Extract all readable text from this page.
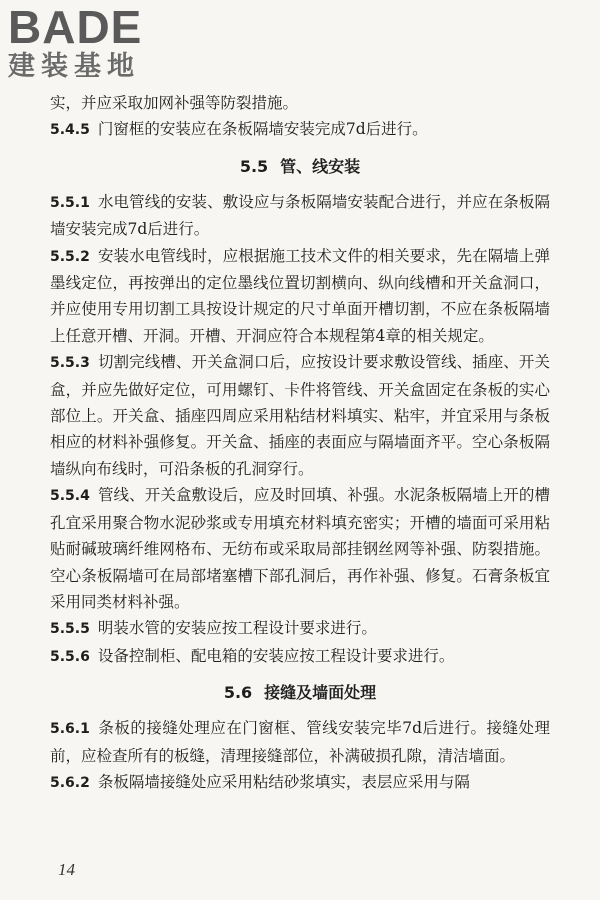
BADE
建装基地

实，并应采取加网补强等防裂措施。

5.4.5 门窗框的安装应在条板隔墙安装完成7d后进行。

5.5 管、线安装

5.5.1 水电管线的安装、敷设应与条板隔墙安装配合进行，并应在条板隔墙安装完成7d后进行。

5.5.2 安装水电管线时，应根据施工技术文件的相关要求，先在隔墙上弹墨线定位，再按弹出的定位墨线位置切割横向、纵向线槽和开关盒洞口，并应使用专用切割工具按设计规定的尺寸单面开槽切割，不应在条板隔墙上任意开槽、开洞。开槽、开洞应符合本规程第4章的相关规定。

5.5.3 切割完线槽、开关盒洞口后，应按设计要求敷设管线、插座、开关盒，并应先做好定位，可用螺钉、卡件将管线、开关盒固定在条板的实心部位上。开关盒、插座四周应采用粘结材料填实、粘牢，并宜采用与条板相应的材料补强修复。开关盒、插座的表面应与隔墙面齐平。空心条板隔墙纵向布线时，可沿条板的孔洞穿行。

5.5.4 管线、开关盒敷设后，应及时回填、补强。水泥条板隔墙上开的槽孔宜采用聚合物水泥砂浆或专用填充材料填充密实；开槽的墙面可采用粘贴耐碱玻璃纤维网格布、无纺布或采取局部挂钢丝网等补强、防裂措施。空心条板隔墙可在局部堵塞槽下部孔洞后，再作补强、修复。石膏条板宜采用同类材料补强。

5.5.5 明装水管的安装应按工程设计要求进行。

5.5.6 设备控制柜、配电箱的安装应按工程设计要求进行。

5.6 接缝及墙面处理

5.6.1 条板的接缝处理应在门窗框、管线安装完毕7d后进行。接缝处理前，应检查所有的板缝，清理接缝部位，补满破损孔隙，清洁墙面。

5.6.2 条板隔墙接缝处应采用粘结砂浆填实，表层应采用与隔

14
